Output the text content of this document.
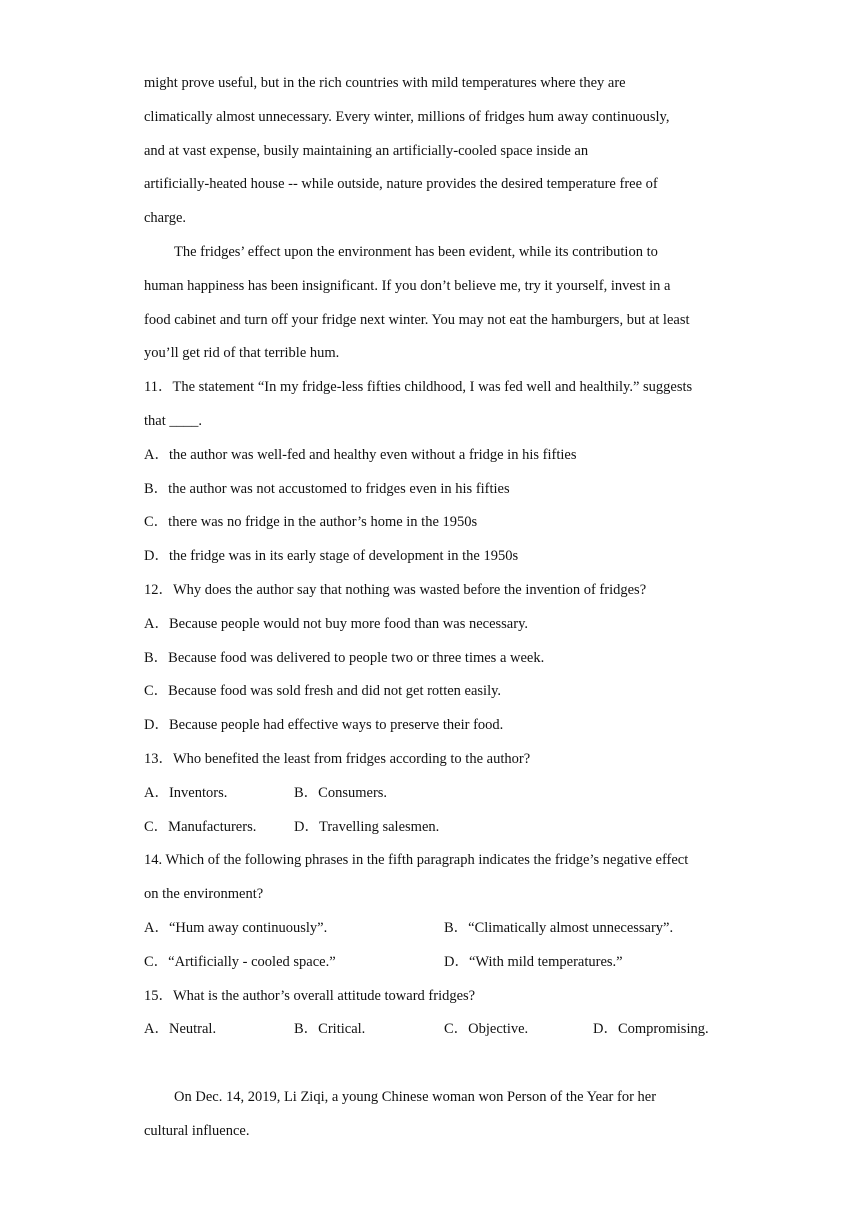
might prove useful, but in the rich countries with mild temperatures where they are
climatically almost unnecessary. Every winter, millions of fridges hum away continuously,
and at vast expense, busily maintaining an artificially-cooled space inside an
artificially-heated house -- while outside, nature provides the desired temperature free of
charge.
The fridges’ effect upon the environment has been evident, while its contribution to
human happiness has been insignificant. If you don’t believe me, try it yourself, invest in a
food cabinet and turn off your fridge next winter. You may not eat the hamburgers, but at least
you’ll get rid of that terrible hum.
11．The statement “In my fridge-less fifties childhood, I was fed well and healthily.” suggests
that ____.
A．the author was well-fed and healthy even without a fridge in his fifties
B．the author was not accustomed to fridges even in his fifties
C．there was no fridge in the author’s home in the 1950s
D．the fridge was in its early stage of development in the 1950s
12．Why does the author say that nothing was wasted before the invention of fridges?
A．Because people would not buy more food than was necessary.
B．Because food was delivered to people two or three times a week.
C．Because food was sold fresh and did not get rotten easily.
D．Because people had effective ways to preserve their food.
13．Who benefited the least from fridges according to the author?
A．Inventors.	B．Consumers.
C．Manufacturers.	D．Travelling salesmen.
14. Which of the following phrases in the fifth paragraph indicates the fridge’s negative effect
on the environment?
A．“Hum away continuously”.	B．“Climatically almost unnecessary”.
C．“Artificially - cooled space.”	D．“With mild temperatures.”
15．What is the author’s overall attitude toward fridges?
A．Neutral.	B．Critical.	C．Objective.	D．Compromising.
On Dec. 14, 2019, Li Ziqi, a young Chinese woman won Person of the Year for her
cultural influence.
